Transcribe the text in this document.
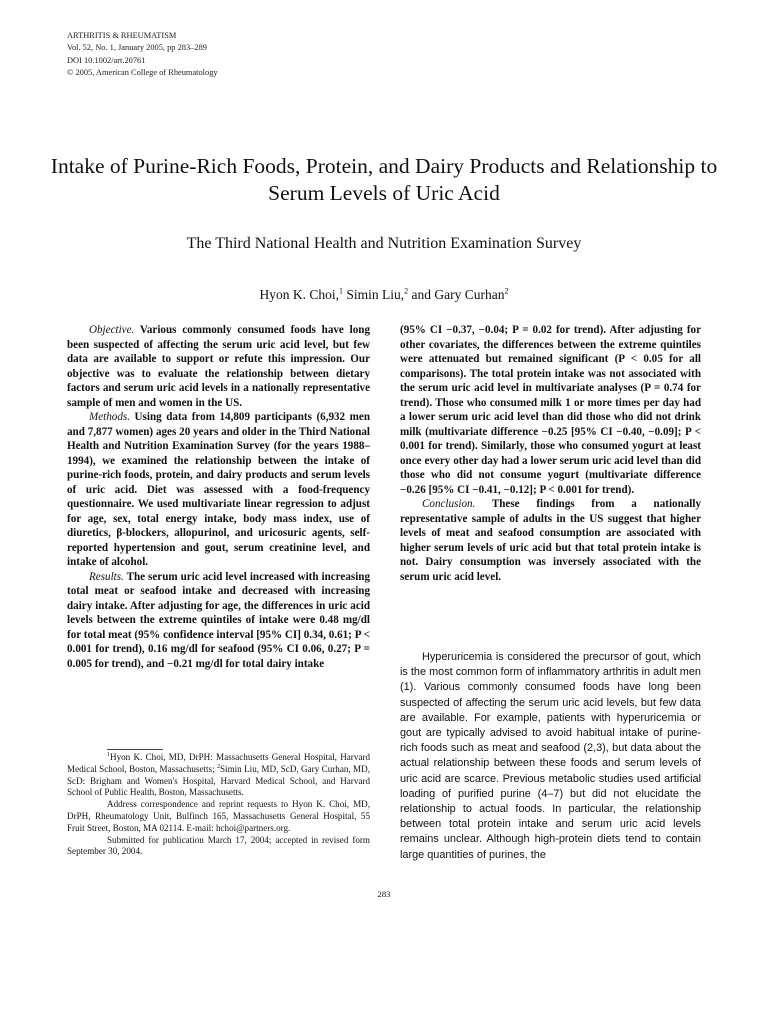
ARTHRITIS & RHEUMATISM
Vol. 52, No. 1, January 2005, pp 283–289
DOI 10.1002/art.20761
© 2005, American College of Rheumatology
Intake of Purine-Rich Foods, Protein, and Dairy Products and Relationship to Serum Levels of Uric Acid
The Third National Health and Nutrition Examination Survey
Hyon K. Choi,$^1$ Simin Liu,$^2$ and Gary Curhan$^2$

Objective. Various commonly consumed foods have long been suspected of affecting the serum uric acid level, but few data are available to support or refute this impression. Our objective was to evaluate the relationship between dietary factors and serum uric acid levels in a nationally representative sample of men and women in the US.

Methods. Using data from 14,809 participants (6,932 men and 7,877 women) ages 20 years and older in the Third National Health and Nutrition Examination Survey (for the years 1988–1994), we examined the relationship between the intake of purine-rich foods, protein, and dairy products and serum levels of uric acid. Diet was assessed with a food-frequency questionnaire. We used multivariate linear regression to adjust for age, sex, total energy intake, body mass index, use of diuretics, β-blockers, allopurinol, and uricosuric agents, self-reported hypertension and gout, serum creatinine level, and intake of alcohol.

Results. The serum uric acid level increased with increasing total meat or seafood intake and decreased with increasing dairy intake. After adjusting for age, the differences in uric acid levels between the extreme quintiles of intake were 0.48 mg/dl for total meat (95% confidence interval [95% CI] 0.34, 0.61; P < 0.001 for trend), 0.16 mg/dl for seafood (95% CI 0.06, 0.27; P = 0.005 for trend), and −0.21 mg/dl for total dairy intake

$^1$Hyon K. Choi, MD, DrPH: Massachusetts General Hospital, Harvard Medical School, Boston, Massachusetts; $^2$Simin Liu, MD, ScD, Gary Curhan, MD, ScD: Brigham and Women's Hospital, Harvard Medical School, and Harvard School of Public Health, Boston, Massachusetts.

Address correspondence and reprint requests to Hyon K. Choi, MD, DrPH, Rheumatology Unit, Bulfinch 165, Massachusetts General Hospital, 55 Fruit Street, Boston, MA 02114. E-mail: hchoi@partners.org.

Submitted for publication March 17, 2004; accepted in revised form September 30, 2004.

(95% CI −0.37, −0.04; P = 0.02 for trend). After adjusting for other covariates, the differences between the extreme quintiles were attenuated but remained significant (P < 0.05 for all comparisons). The total protein intake was not associated with the serum uric acid level in multivariate analyses (P = 0.74 for trend). Those who consumed milk 1 or more times per day had a lower serum uric acid level than did those who did not drink milk (multivariate difference −0.25 [95% CI −0.40, −0.09]; P < 0.001 for trend). Similarly, those who consumed yogurt at least once every other day had a lower serum uric acid level than did those who did not consume yogurt (multivariate difference −0.26 [95% CI −0.41, −0.12]; P < 0.001 for trend).

Conclusion. These findings from a nationally representative sample of adults in the US suggest that higher levels of meat and seafood consumption are associated with higher serum levels of uric acid but that total protein intake is not. Dairy consumption was inversely associated with the serum uric acid level.

Hyperuricemia is considered the precursor of gout, which is the most common form of inflammatory arthritis in adult men (1). Various commonly consumed foods have long been suspected of affecting the serum uric acid levels, but few data are available. For example, patients with hyperuricemia or gout are typically advised to avoid habitual intake of purine-rich foods such as meat and seafood (2,3), but data about the actual relationship between these foods and serum levels of uric acid are scarce. Previous metabolic studies used artificial loading of purified purine (4–7) but did not elucidate the relationship to actual foods. In particular, the relationship between total protein intake and serum uric acid levels remains unclear. Although high-protein diets tend to contain large quantities of purines, the

283
